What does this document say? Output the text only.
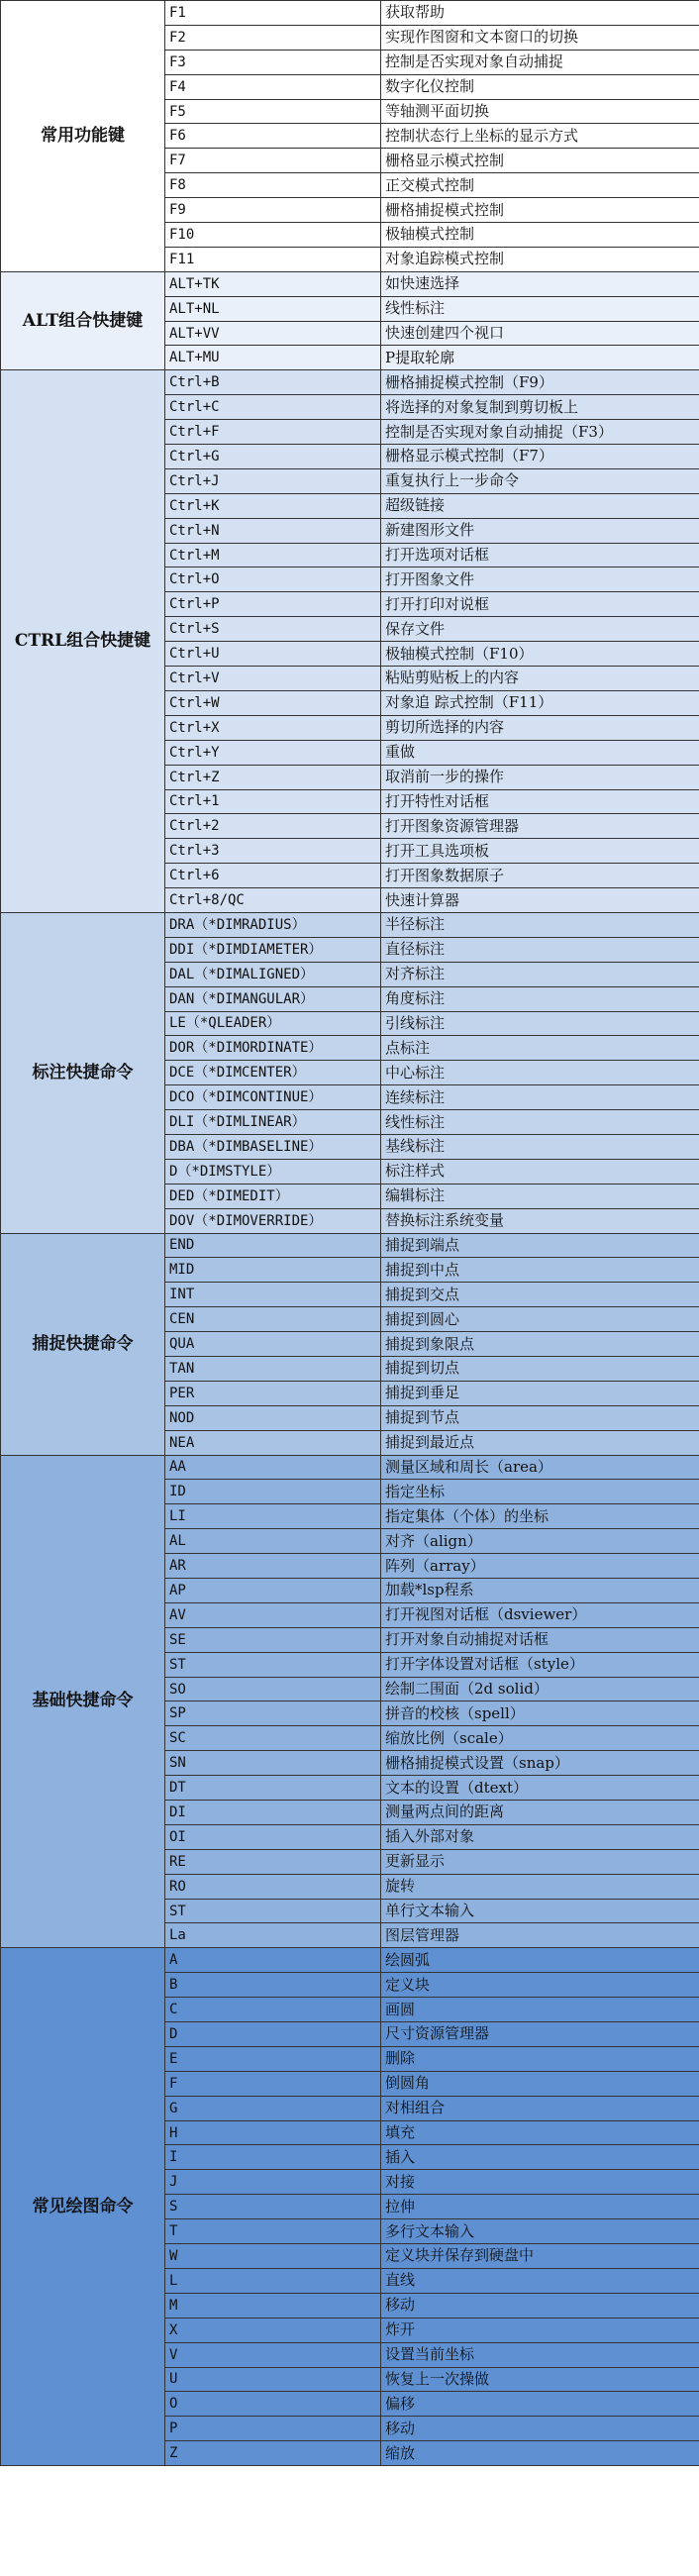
常用功能键	F1	获取帮助
	F2	实现作图窗和文本窗口的切换
	F3	控制是否实现对象自动捕捉
	F4	数字化仪控制
	F5	等轴测平面切换
	F6	控制状态行上坐标的显示方式
	F7	栅格显示模式控制
	F8	正交模式控制
	F9	栅格捕捉模式控制
	F10	极轴模式控制
	F11	对象追踪模式控制
ALT组合快捷键	ALT+TK	如快速选择
	ALT+NL	线性标注
	ALT+VV	快速创建四个视口
	ALT+MU	P提取轮廓
CTRL组合快捷键	Ctrl+B	栅格捕捉模式控制（F9）
	Ctrl+C	将选择的对象复制到剪切板上
	Ctrl+F	控制是否实现对象自动捕捉（F3）
	Ctrl+G	栅格显示模式控制（F7）
	Ctrl+J	重复执行上一步命令
	Ctrl+K	超级链接
	Ctrl+N	新建图形文件
	Ctrl+M	打开选项对话框
	Ctrl+O	打开图象文件
	Ctrl+P	打开打印对说框
	Ctrl+S	保存文件
	Ctrl+U	极轴模式控制（F10）
	Ctrl+V	粘贴剪贴板上的内容
	Ctrl+W	对象追 踪式控制（F11）
	Ctrl+X	剪切所选择的内容
	Ctrl+Y	重做
	Ctrl+Z	取消前一步的操作
	Ctrl+1	打开特性对话框
	Ctrl+2	打开图象资源管理器
	Ctrl+3	打开工具选项板
	Ctrl+6	打开图象数据原子
	Ctrl+8/QC	快速计算器
标注快捷命令	DRA（*DIMRADIUS）	半径标注
	DDI（*DIMDIAMETER）	直径标注
	DAL（*DIMALIGNED）	对齐标注
	DAN（*DIMANGULAR）	角度标注
	LE（*QLEADER）	引线标注
	DOR（*DIMORDINATE）	点标注
	DCE（*DIMCENTER）	中心标注
	DCO（*DIMCONTINUE）	连续标注
	DLI（*DIMLINEAR）	线性标注
	DBA（*DIMBASELINE）	基线标注
	D（*DIMSTYLE）	标注样式
	DED（*DIMEDIT）	编辑标注
	DOV（*DIMOVERRIDE）	替换标注系统变量
捕捉快捷命令	END	捕捉到端点
	MID	捕捉到中点
	INT	捕捉到交点
	CEN	捕捉到圆心
	QUA	捕捉到象限点
	TAN	捕捉到切点
	PER	捕捉到垂足
	NOD	捕捉到节点
	NEA	捕捉到最近点
基础快捷命令	AA	测量区域和周长（area）
	ID	指定坐标
	LI	指定集体（个体）的坐标
	AL	对齐（align）
	AR	阵列（array）
	AP	加载*lsp程系
	AV	打开视图对话框（dsviewer）
	SE	打开对象自动捕捉对话框
	ST	打开字体设置对话框（style）
	SO	绘制二围面（2d solid）
	SP	拼音的校核（spell）
	SC	缩放比例（scale）
	SN	栅格捕捉模式设置（snap）
	DT	文本的设置（dtext）
	DI	测量两点间的距离
	OI	插入外部对象
	RE	更新显示
	RO	旋转
	ST	单行文本输入
	La	图层管理器
常见绘图命令	A	绘圆弧
	B	定义块
	C	画圆
	D	尺寸资源管理器
	E	删除
	F	倒圆角
	G	对相组合
	H	填充
	I	插入
	J	对接
	S	拉伸
	T	多行文本输入
	W	定义块并保存到硬盘中
	L	直线
	M	移动
	X	炸开
	V	设置当前坐标
	U	恢复上一次操做
	O	偏移
	P	移动
	Z	缩放
